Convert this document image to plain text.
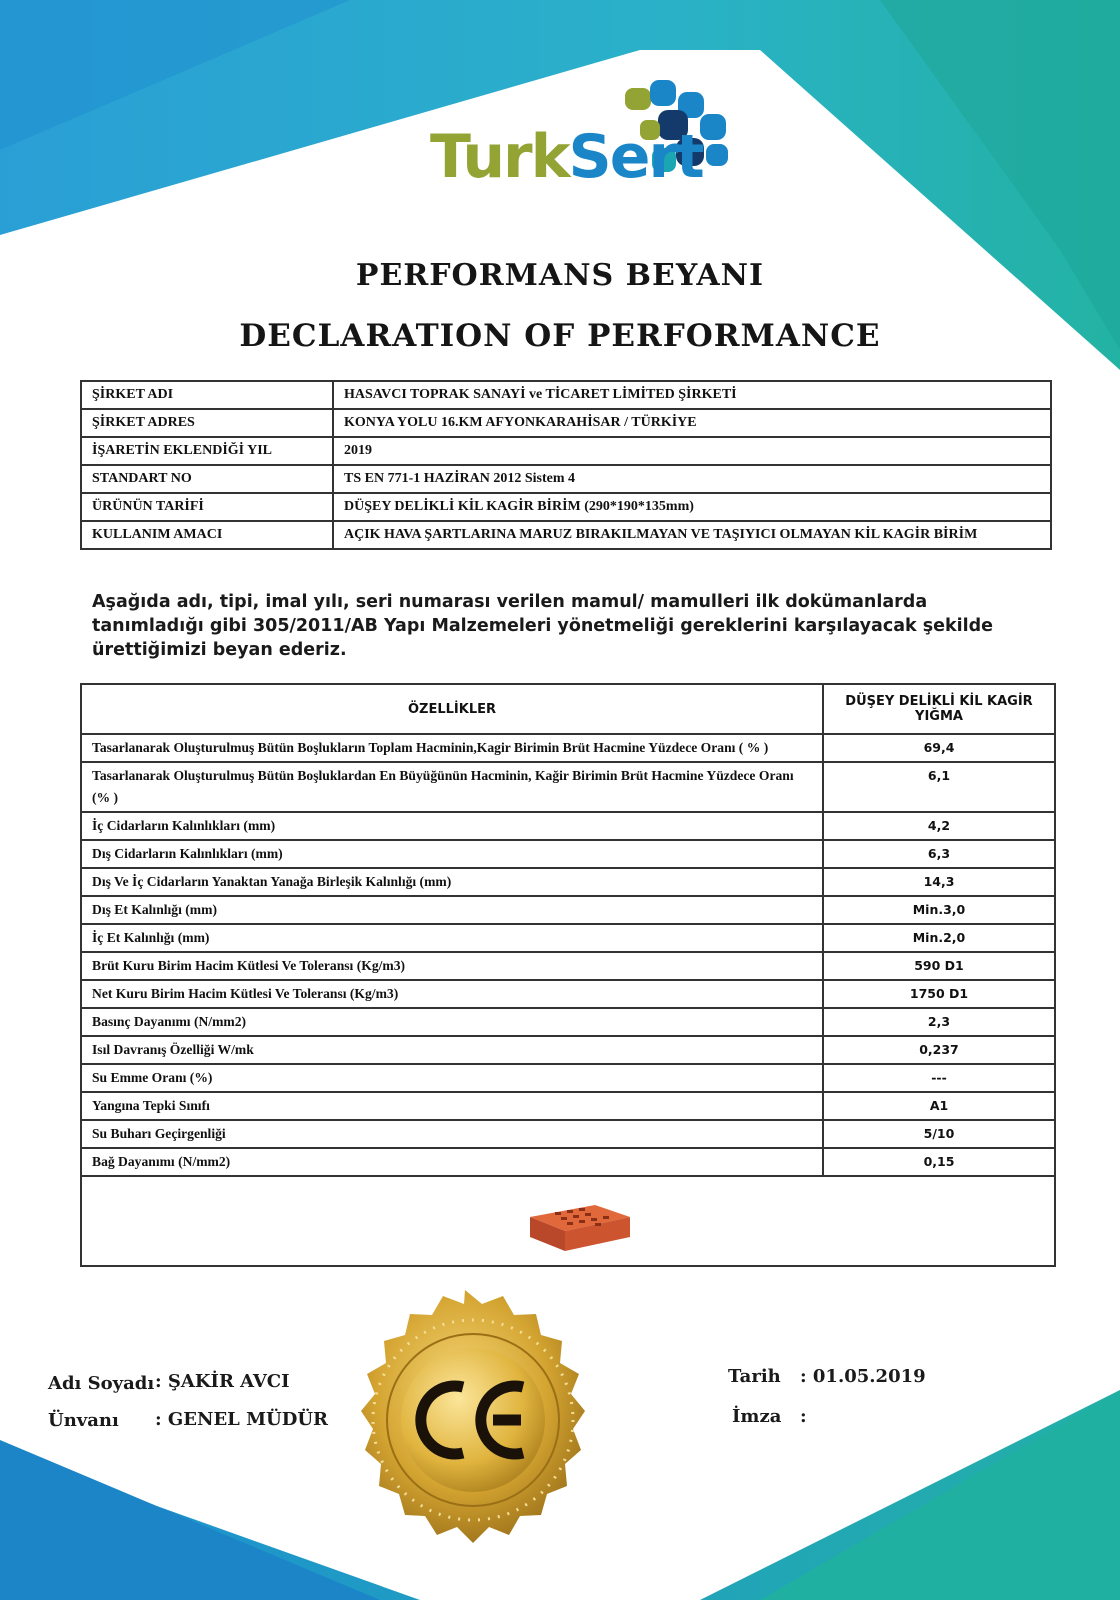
TurkSert
PERFORMANS BEYANI
DECLARATION OF PERFORMANCE
ŞİRKET ADI	HASAVCI TOPRAK SANAYİ ve TİCARET LİMİTED ŞİRKETİ
ŞİRKET ADRES	KONYA YOLU 16.KM AFYONKARAHİSAR / TÜRKİYE
İŞARETİN EKLENDİĞİ YIL	2019
STANDART NO	TS EN 771-1 HAZİRAN 2012 Sistem 4
ÜRÜNÜN TARİFİ	DÜŞEY DELİKLİ KİL KAGİR BİRİM (290*190*135mm)
KULLANIM AMACI	AÇIK HAVA ŞARTLARINA MARUZ BIRAKILMAYAN VE TAŞIYICI OLMAYAN KİL KAGİR BİRİM
Aşağıda adı, tipi, imal yılı, seri numarası verilen mamul/ mamulleri ilk dokümanlarda tanımladığı gibi 305/2011/AB Yapı Malzemeleri yönetmeliği gereklerini karşılayacak şekilde ürettiğimizi beyan ederiz.
ÖZELLİKLER	DÜŞEY DELİKLİ KİL KAGİR YIĞMA
Tasarlanarak Oluşturulmuş Bütün Boşlukların Toplam Hacminin,Kagir Birimin Brüt Hacmine Yüzdece Oranı ( % )	69,4
Tasarlanarak Oluşturulmuş Bütün Boşluklardan En Büyüğünün Hacminin, Kağir Birimin Brüt Hacmine Yüzdece Oranı (% )	6,1
İç Cidarların Kalınlıkları (mm)	4,2
Dış Cidarların Kalınlıkları (mm)	6,3
Dış Ve İç Cidarların Yanaktan Yanağa Birleşik Kalınlığı (mm)	14,3
Dış Et Kalınlığı (mm)	Min.3,0
İç Et Kalınlığı (mm)	Min.2,0
Brüt Kuru Birim Hacim Kütlesi Ve Toleransı (Kg/m3)	590 D1
Net Kuru Birim Hacim Kütlesi Ve Toleransı (Kg/m3)	1750 D1
Basınç Dayanımı (N/mm2)	2,3
Isıl Davranış Özelliği W/mk	0,237
Su Emme Oranı (%)	---
Yangına Tepki Sınıfı	A1
Su Buharı Geçirgenliği	5/10
Bağ Dayanımı (N/mm2)	0,15

Adı Soyadı : ŞAKİR AVCI
Ünvanı : GENEL MÜDÜR
Tarih : 01.05.2019
İmza :
